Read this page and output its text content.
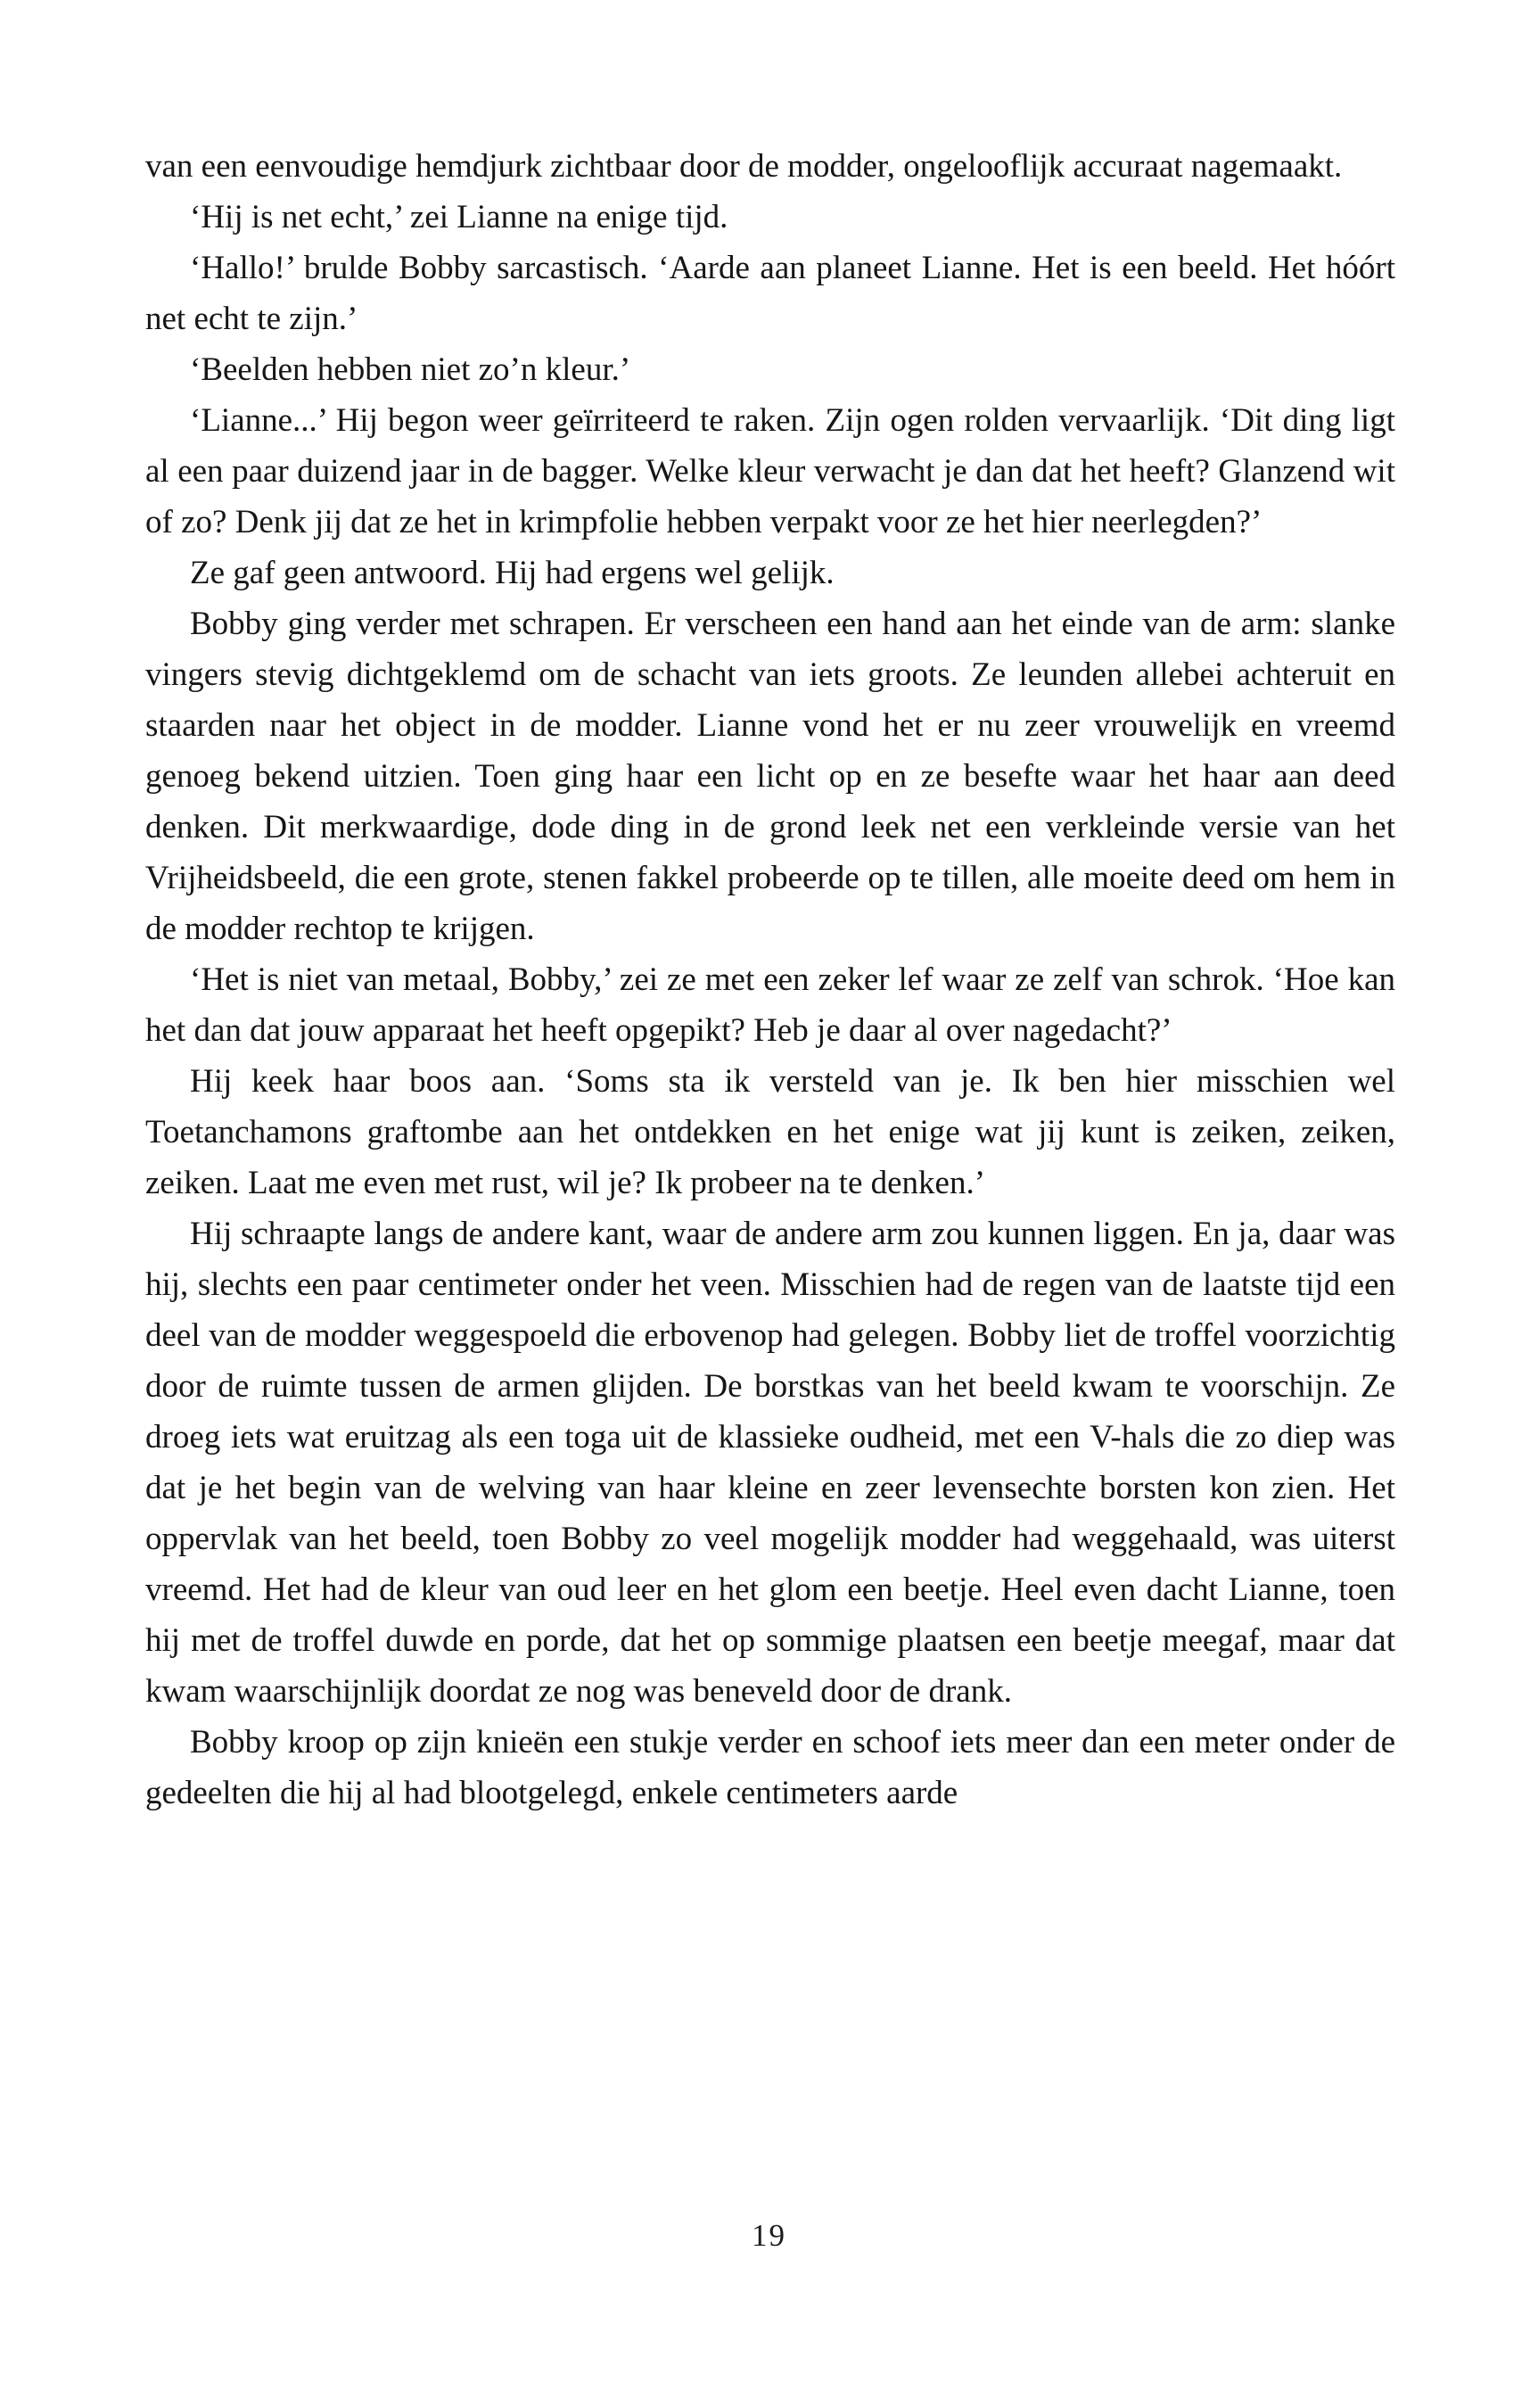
van een eenvoudige hemdjurk zichtbaar door de modder, ongelooflijk accuraat nagemaakt.

‘Hij is net echt,’ zei Lianne na enige tijd.

‘Hallo!’ brulde Bobby sarcastisch. ‘Aarde aan planeet Lianne. Het is een beeld. Het hóórt net echt te zijn.’

‘Beelden hebben niet zo’n kleur.’

‘Lianne...’ Hij begon weer geïrriteerd te raken. Zijn ogen rolden vervaarlijk. ‘Dit ding ligt al een paar duizend jaar in de bagger. Welke kleur verwacht je dan dat het heeft? Glanzend wit of zo? Denk jij dat ze het in krimpfolie hebben verpakt voor ze het hier neerlegden?’

Ze gaf geen antwoord. Hij had ergens wel gelijk.

Bobby ging verder met schrapen. Er verscheen een hand aan het einde van de arm: slanke vingers stevig dichtgeklemd om de schacht van iets groots. Ze leunden allebei achteruit en staarden naar het object in de modder. Lianne vond het er nu zeer vrouwelijk en vreemd genoeg bekend uitzien. Toen ging haar een licht op en ze besefte waar het haar aan deed denken. Dit merkwaardige, dode ding in de grond leek net een verkleinde versie van het Vrijheidsbeeld, die een grote, stenen fakkel probeerde op te tillen, alle moeite deed om hem in de modder rechtop te krijgen.

‘Het is niet van metaal, Bobby,’ zei ze met een zeker lef waar ze zelf van schrok. ‘Hoe kan het dan dat jouw apparaat het heeft opgepikt? Heb je daar al over nagedacht?’

Hij keek haar boos aan. ‘Soms sta ik versteld van je. Ik ben hier misschien wel Toetanchamons graftombe aan het ontdekken en het enige wat jij kunt is zeiken, zeiken, zeiken. Laat me even met rust, wil je? Ik probeer na te denken.’

Hij schraapte langs de andere kant, waar de andere arm zou kunnen liggen. En ja, daar was hij, slechts een paar centimeter onder het veen. Misschien had de regen van de laatste tijd een deel van de modder weggespoeld die erbovenop had gelegen. Bobby liet de troffel voorzichtig door de ruimte tussen de armen glijden. De borstkas van het beeld kwam te voorschijn. Ze droeg iets wat eruitzag als een toga uit de klassieke oudheid, met een V-hals die zo diep was dat je het begin van de welving van haar kleine en zeer levensechte borsten kon zien. Het oppervlak van het beeld, toen Bobby zo veel mogelijk modder had weggehaald, was uiterst vreemd. Het had de kleur van oud leer en het glom een beetje. Heel even dacht Lianne, toen hij met de troffel duwde en porde, dat het op sommige plaatsen een beetje meegaf, maar dat kwam waarschijnlijk doordat ze nog was beneveld door de drank.

Bobby kroop op zijn knieën een stukje verder en schoof iets meer dan een meter onder de gedeelten die hij al had blootgelegd, enkele centimeters aarde

19
